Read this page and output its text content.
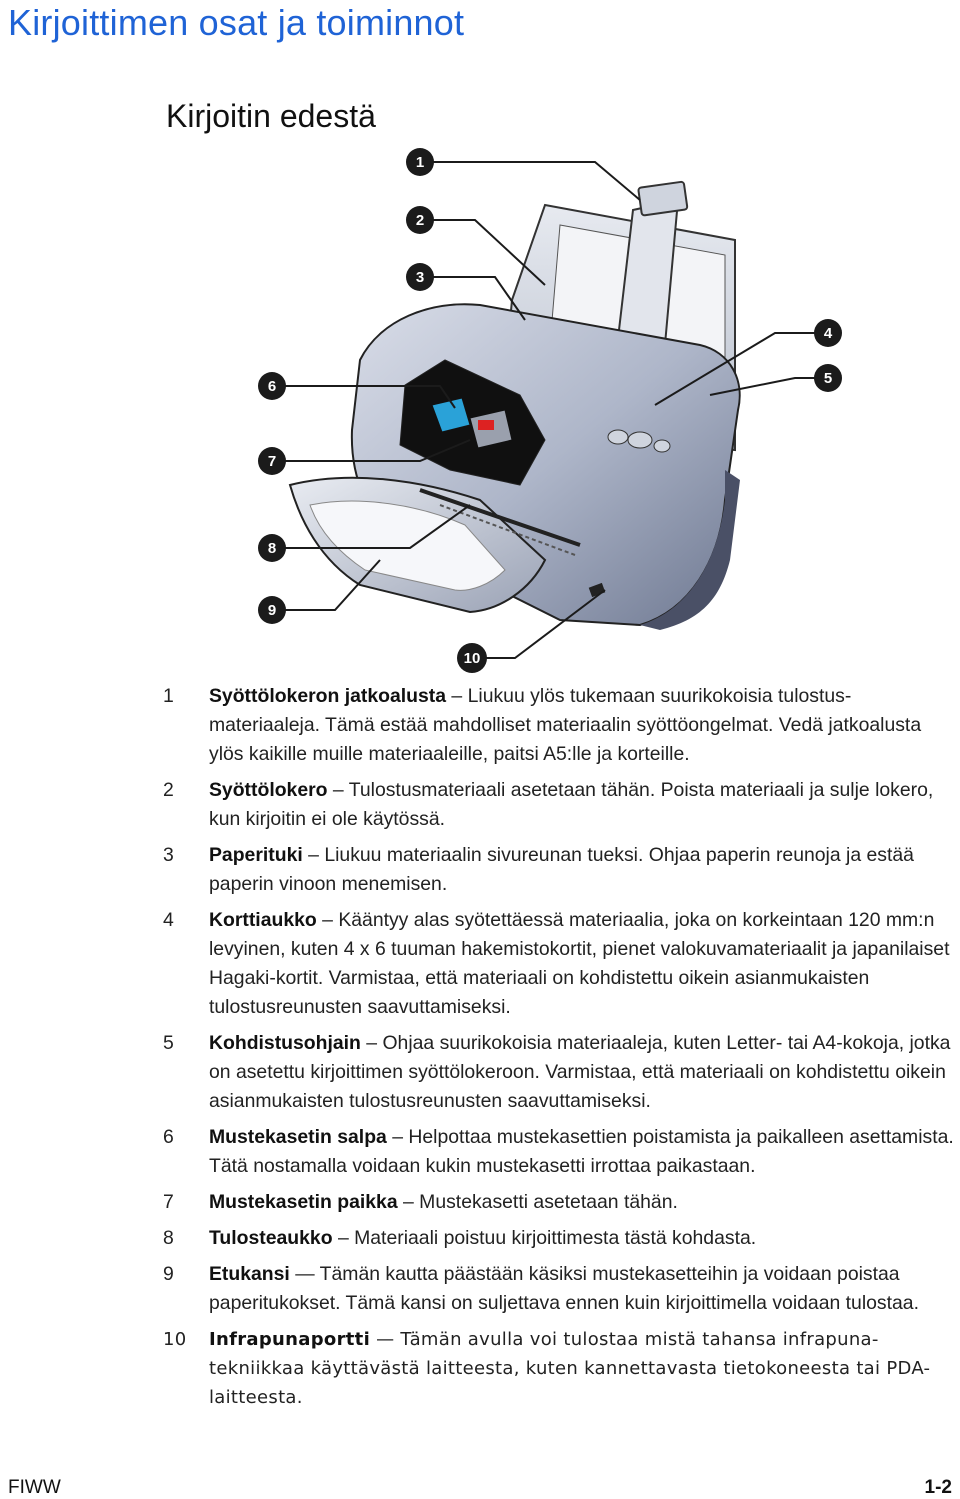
Kirjoittimen osat ja toiminnot
Kirjoitin edestä
1
2
3
4
5
6
7
8
9
10
1	Syöttölokeron jatkoalusta – Liukuu ylös tukemaan suurikokoisia tulostus-materiaaleja. Tämä estää mahdolliset materiaalin syöttöongelmat. Vedä jatkoalusta ylös kaikille muille materiaaleille, paitsi A5:lle ja korteille.
2	Syöttölokero – Tulostusmateriaali asetetaan tähän. Poista materiaali ja sulje lokero, kun kirjoitin ei ole käytössä.
3	Paperituki – Liukuu materiaalin sivureunan tueksi. Ohjaa paperin reunoja ja estää paperin vinoon menemisen.
4	Korttiaukko – Kääntyy alas syötettäessä materiaalia, joka on korkeintaan 120 mm:n levyinen, kuten 4 x 6 tuuman hakemistokortit, pienet valokuvamateriaalit ja japanilaiset Hagaki-kortit. Varmistaa, että materiaali on kohdistettu oikein asianmukaisten tulostusreunusten saavuttamiseksi.
5	Kohdistusohjain – Ohjaa suurikokoisia materiaaleja, kuten Letter- tai A4-kokoja, jotka on asetettu kirjoittimen syöttölokeroon. Varmistaa, että materiaali on kohdistettu oikein asianmukaisten tulostusreunusten saavuttamiseksi.
6	Mustekasetin salpa – Helpottaa mustekasettien poistamista ja paikalleen asettamista. Tätä nostamalla voidaan kukin mustekasetti irrottaa paikastaan.
7	Mustekasetin paikka – Mustekasetti asetetaan tähän.
8	Tulosteaukko – Materiaali poistuu kirjoittimesta tästä kohdasta.
9	Etukansi — Tämän kautta päästään käsiksi mustekasetteihin ja voidaan poistaa paperitukokset. Tämä kansi on suljettava ennen kuin kirjoittimella voidaan tulostaa.
10	Infrapunaportti — Tämän avulla voi tulostaa mistä tahansa infrapuna-tekniikkaa käyttävästä laitteesta, kuten kannettavasta tietokoneesta tai PDA-laitteesta.
FIWW	1-2
